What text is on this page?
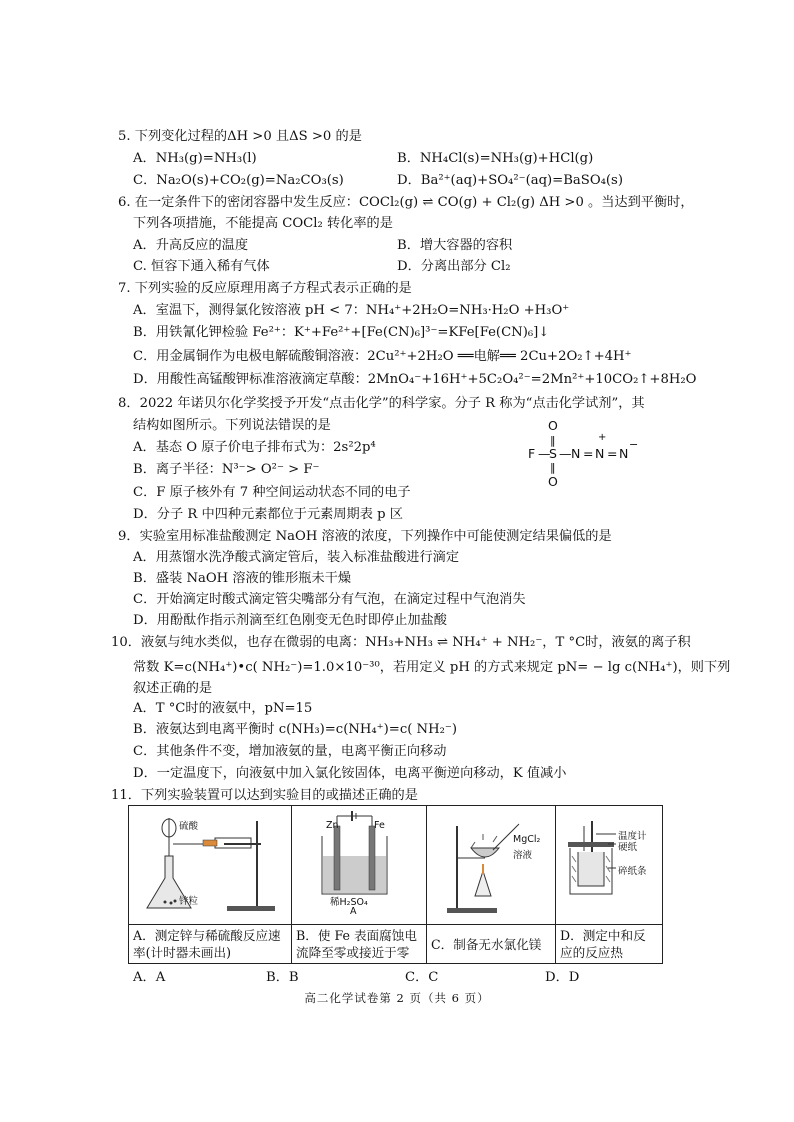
5. 下列变化过程的ΔH >0 且ΔS >0 的是
A．NH₃(g)=NH₃(l)	B．NH₄Cl(s)=NH₃(g)+HCl(g)
C．Na₂O(s)+CO₂(g)=Na₂CO₃(s)	D．Ba²⁺(aq)+SO₄²⁻(aq)=BaSO₄(s)
6. 在一定条件下的密闭容器中发生反应：COCl₂(g) ⇌ CO(g) + Cl₂(g) ΔH >0 。当达到平衡时，
下列各项措施，不能提高 COCl₂ 转化率的是
A．升高反应的温度	B．增大容器的容积
C. 恒容下通入稀有气体	D．分离出部分 Cl₂
7. 下列实验的反应原理用离子方程式表示正确的是
A．室温下，测得氯化铵溶液 pH < 7：NH₄⁺+2H₂O=NH₃·H₂O +H₃O⁺
B．用铁氰化钾检验 Fe²⁺：K⁺+Fe²⁺+[Fe(CN)₆]³⁻=KFe[Fe(CN)₆]↓
C．用金属铜作为电极电解硫酸铜溶液：2Cu²⁺+2H₂O ══电解══ 2Cu+2O₂↑+4H⁺
D．用酸性高锰酸钾标准溶液滴定草酸：2MnO₄⁻+16H⁺+5C₂O₄²⁻=2Mn²⁺+10CO₂↑+8H₂O
8．2022 年诺贝尔化学奖授予开发“点击化学”的科学家。分子 R 称为“点击化学试剂”，其
结构如图所示。下列说法错误的是
A．基态 O 原子价电子排布式为：2s²2p⁴
B．离子半径：N³⁻> O²⁻ > F⁻
C．F 原子核外有 7 种空间运动状态不同的电子
D．分子 R 中四种元素都位于元素周期表 p 区
O
‖
F —
S — N = N
+
= N
−
‖
O
9．实验室用标准盐酸测定 NaOH 溶液的浓度，下列操作中可能使测定结果偏低的是
A．用蒸馏水洗净酸式滴定管后，装入标准盐酸进行滴定
B．盛装 NaOH 溶液的锥形瓶未干燥
C．开始滴定时酸式滴定管尖嘴部分有气泡，在滴定过程中气泡消失
D．用酚酞作指示剂滴至红色刚变无色时即停止加盐酸
10．液氨与纯水类似，也存在微弱的电离：NH₃+NH₃ ⇌ NH₄⁺ + NH₂⁻，T °C时，液氨的离子积
常数 K=c(NH₄⁺)•c( NH₂⁻)=1.0×10⁻³⁰，若用定义 pH 的方式来规定 pN= − lg c(NH₄⁺)，则下列
叙述正确的是
A．T °C时的液氨中，pN=15
B．液氨达到电离平衡时 c(NH₃)=c(NH₄⁺)=c( NH₂⁻)
C．其他条件不变，增加液氨的量，电离平衡正向移动
D．一定温度下，向液氨中加入氯化铵固体，电离平衡逆向移动，K 值减小
11．下列实验装置可以达到实验目的或描述正确的是
硫酸
锌粒	Zn Fe
稀H₂SO₄
A	MgCl₂
溶液	温度计
硬纸
碎纸条

A．测定锌与稀硫酸反应速率(计时器未画出)	B．使 Fe 表面腐蚀电流降至零或接近于零	C．制备无水氯化镁	D．测定中和反应的反应热
A．A	B．B	C．C	D．D
高二化学试卷第 2 页（共 6 页）
